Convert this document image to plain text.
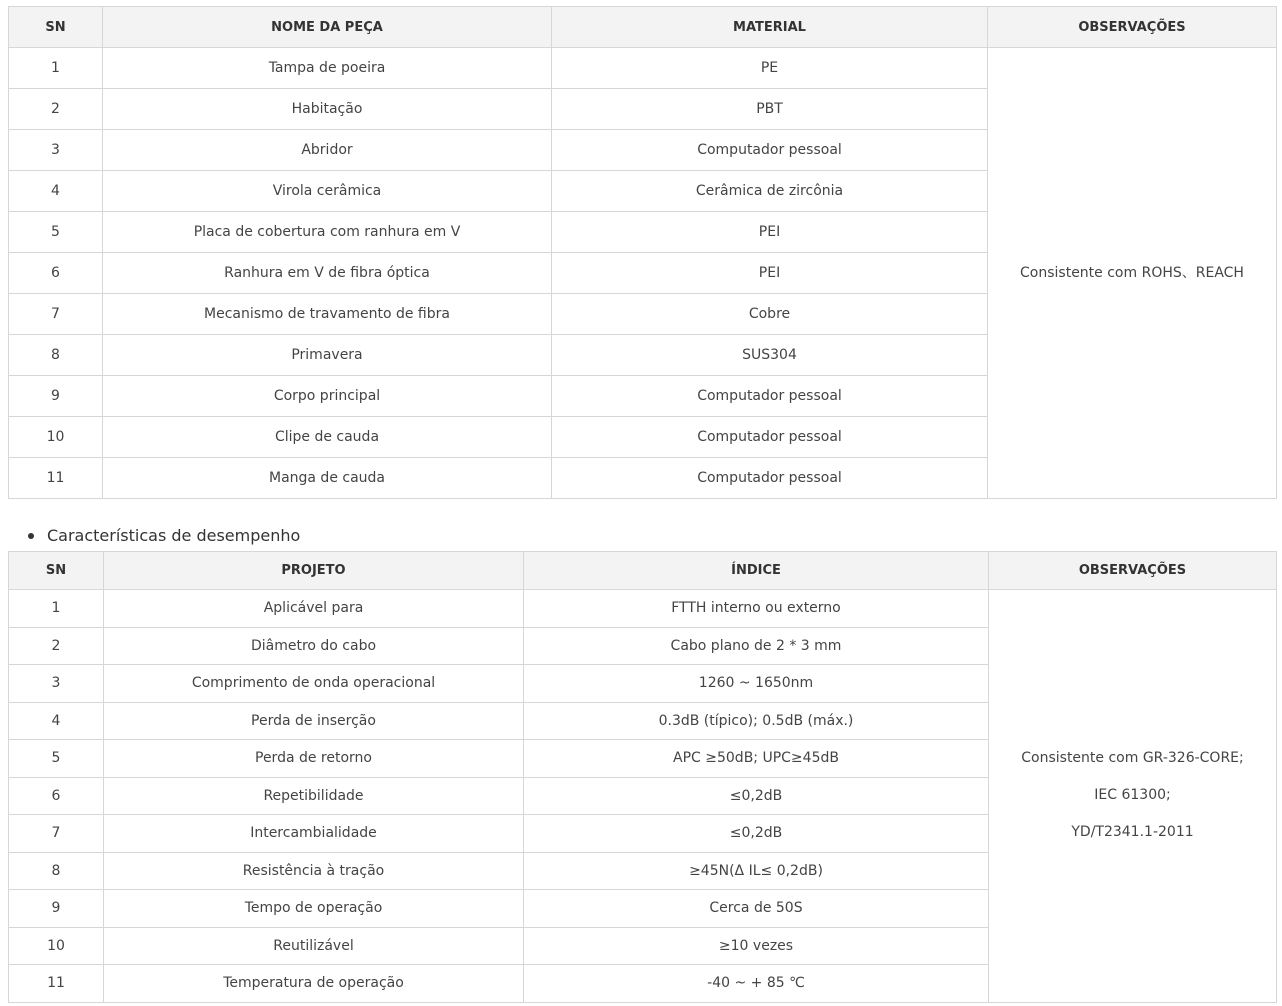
SN	NOME DA PEÇA	MATERIAL	OBSERVAÇÕES
1	Tampa de poeira	PE	Consistente com ROHS、REACH
2	Habitação	PBT	
3	Abridor	Computador pessoal	
4	Virola cerâmica	Cerâmica de zircônia	
5	Placa de cobertura com ranhura em V	PEI	
6	Ranhura em V de fibra óptica	PEI	
7	Mecanismo de travamento de fibra	Cobre	
8	Primavera	SUS304	
9	Corpo principal	Computador pessoal	
10	Clipe de cauda	Computador pessoal	
11	Manga de cauda	Computador pessoal	
Características de desempenho
SN	PROJETO	ÍNDICE	OBSERVAÇÕES
1	Aplicável para	FTTH interno ou externo	Consistente com GR-326-CORE;
IEC 61300;
YD/T2341.1-2011

2	Diâmetro do cabo	Cabo plano de 2 * 3 mm	
3	Comprimento de onda operacional	1260 ~ 1650nm	
4	Perda de inserção	0.3dB (típico); 0.5dB (máx.)	
5	Perda de retorno	APC ≥50dB; UPC≥45dB	
6	Repetibilidade	≤0,2dB	
7	Intercambialidade	≤0,2dB	
8	Resistência à tração	≥45N(Δ IL≤ 0,2dB)	
9	Tempo de operação	Cerca de 50S	
10	Reutilizável	≥10 vezes	
11	Temperatura de operação	-40 ~ + 85 ℃	
